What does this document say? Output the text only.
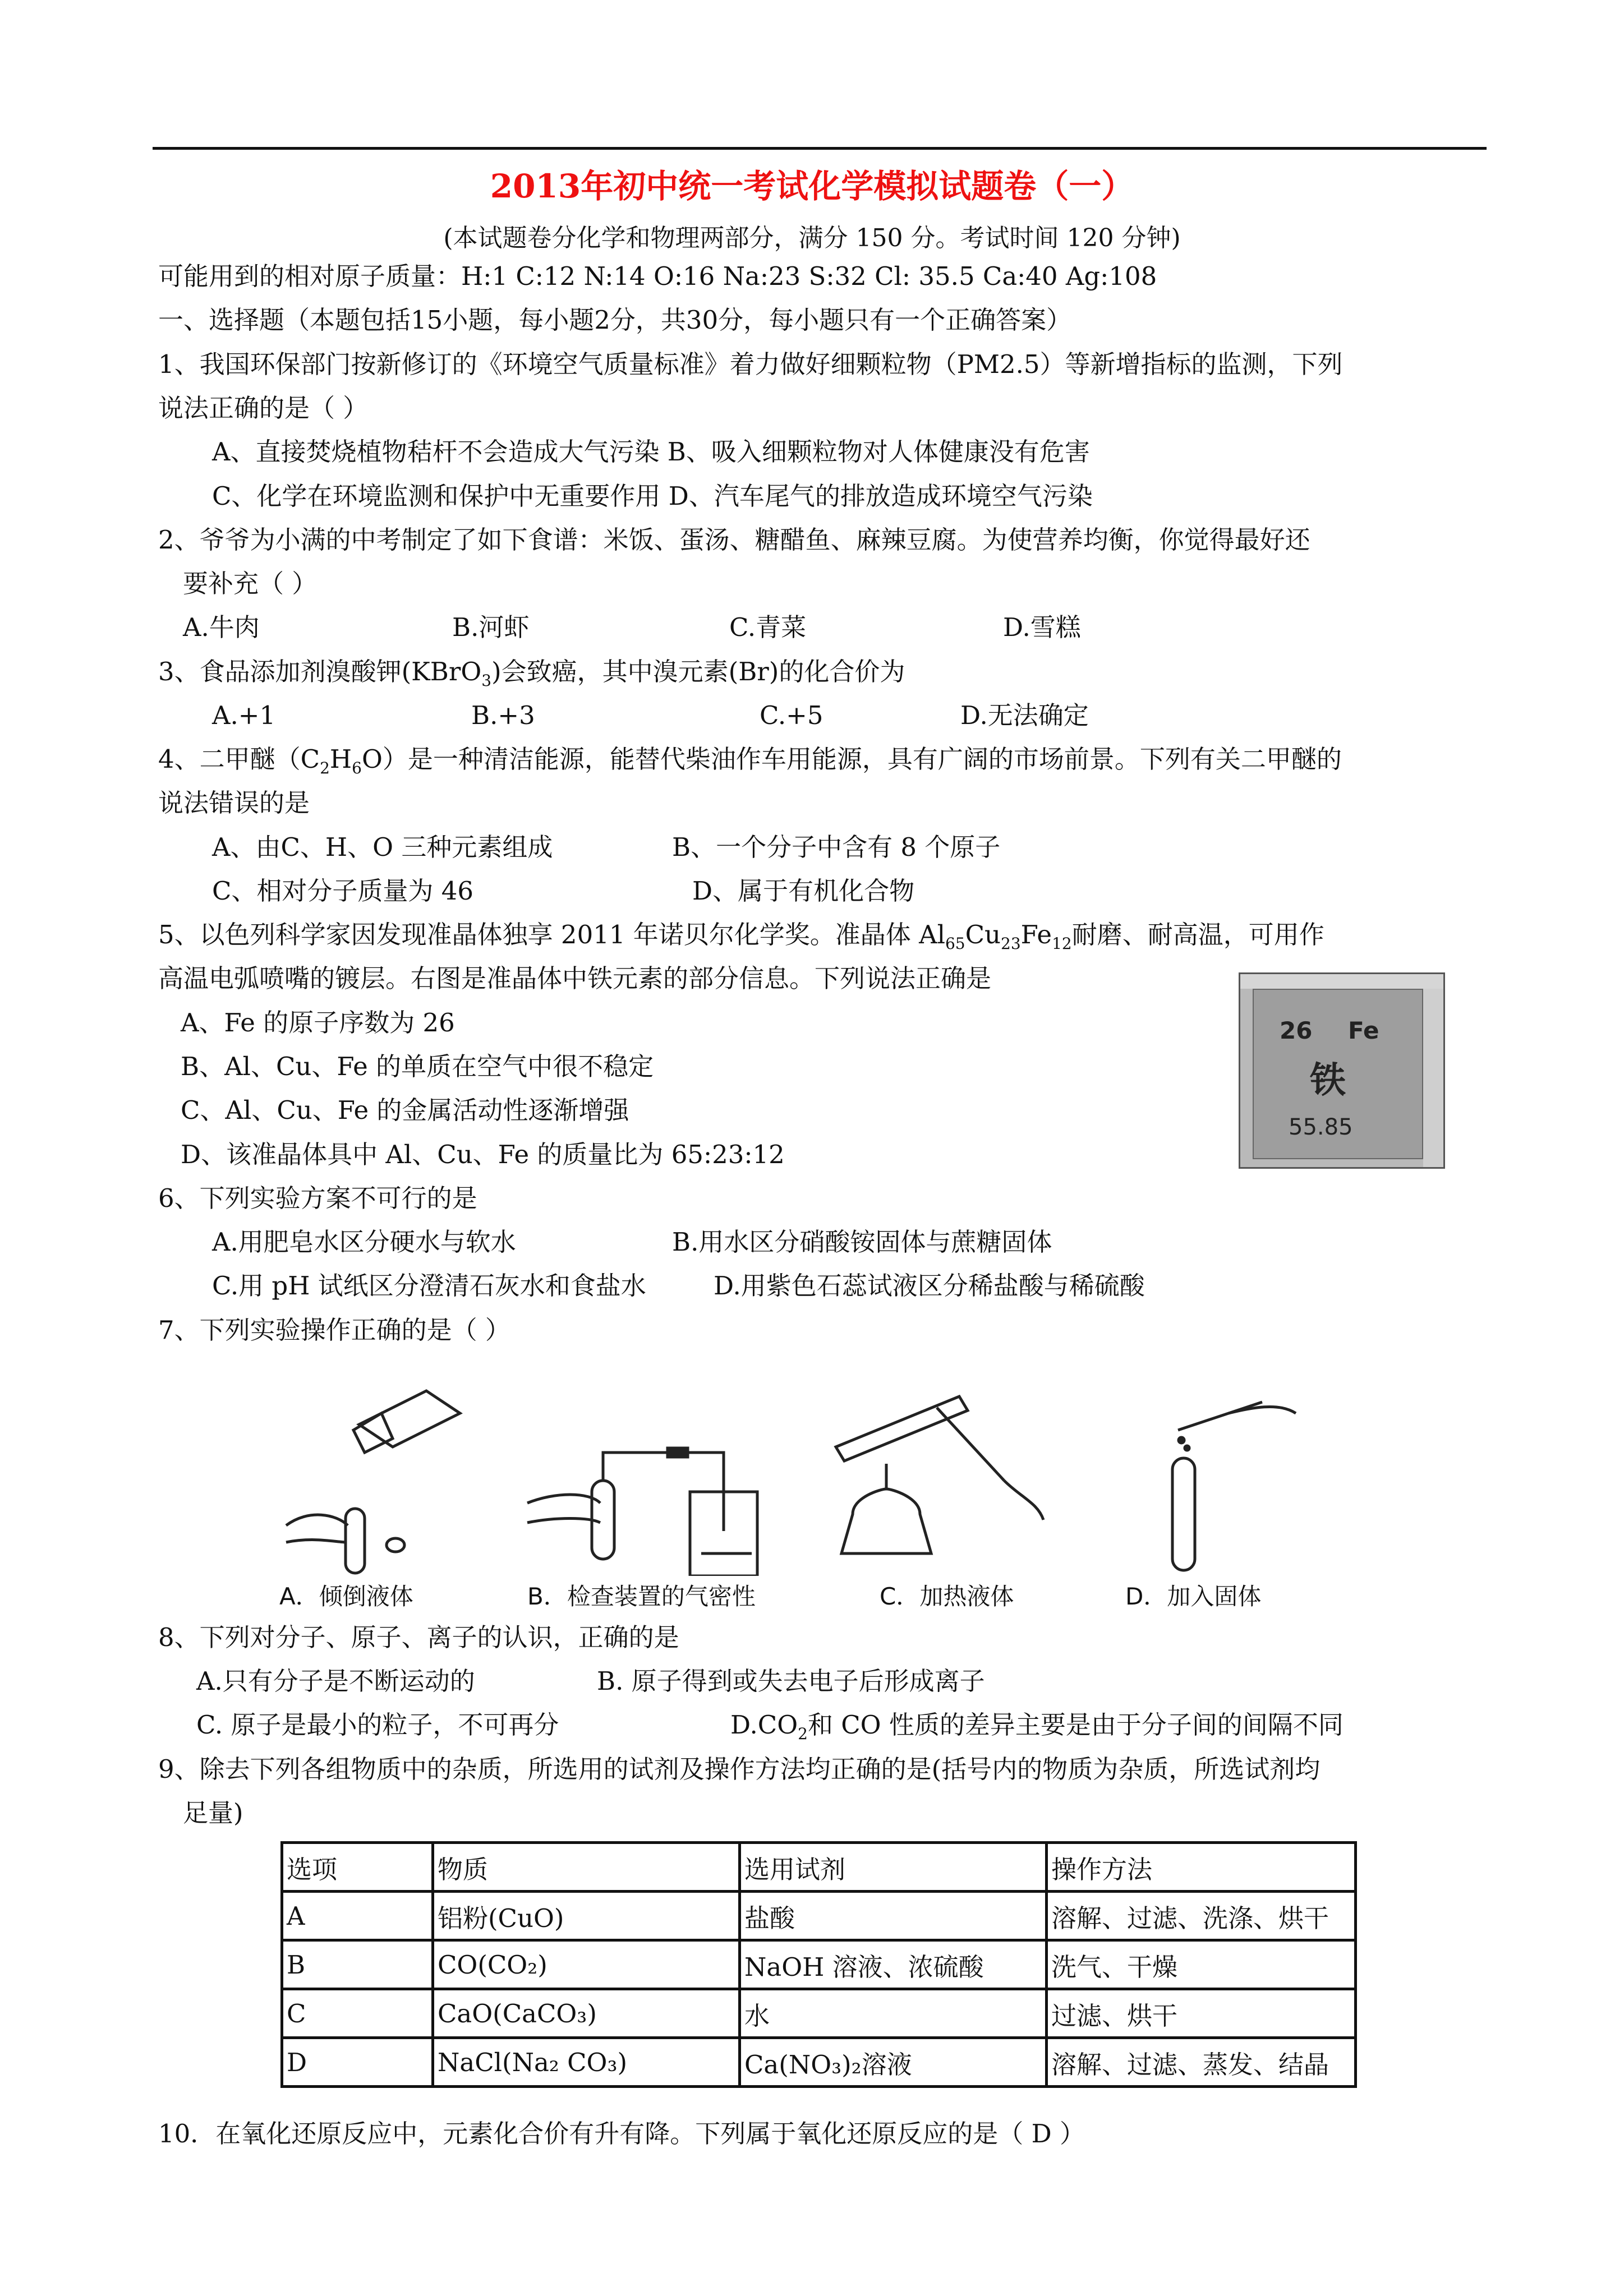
2013年初中统一考试化学模拟试题卷（一）
(本试题卷分化学和物理两部分，满分 150 分。考试时间 120 分钟)
可能用到的相对原子质量：H:1 C:12 N:14 O:16 Na:23 S:32 Cl: 35.5 Ca:40 Ag:108
一、选择题（本题包括15小题，每小题2分，共30分，每小题只有一个正确答案）
1、我国环保部门按新修订的《环境空气质量标准》着力做好细颗粒物（PM2.5）等新增指标的监测，下列
说法正确的是（ ）
A、直接焚烧植物秸杆不会造成大气污染 B、吸入细颗粒物对人体健康没有危害
C、化学在环境监测和保护中无重要作用 D、汽车尾气的排放造成环境空气污染
2、爷爷为小满的中考制定了如下食谱：米饭、蛋汤、糖醋鱼、麻辣豆腐。为使营养均衡，你觉得最好还
要补充（ ）
A.牛肉	B.河虾	C.青菜	D.雪糕
3、食品添加剂溴酸钾(KBrO$_3$)会致癌，其中溴元素(Br)的化合价为
A.+1	B.+3	C.+5	D.无法确定
4、二甲醚$(C_2H_6O)$是一种清洁能源，能替代柴油作车用能源，具有广阔的市场前景。下列有关二甲醚的
说法错误的是
A、由C、H、O 三种元素组成	B、一个分子中含有 8 个原子
C、相对分子质量为 46	D、属于有机化合物
5、以色列科学家因发现准晶体独享 2011 年诺贝尔化学奖。准晶体 $Al_{65}Cu_{23}Fe_{12}$耐磨、耐高温，可用作
高温电弧喷嘴的镀层。右图是准晶体中铁元素的部分信息。下列说法正确是
A、Fe 的原子序数为 26
B、Al、Cu、Fe 的单质在空气中很不稳定
C、Al、Cu、Fe 的金属活动性逐渐增强
D、该准晶体具中 Al、Cu、Fe 的质量比为 65:23:12
26 Fe
铁
55.85
6、下列实验方案不可行的是
A.用肥皂水区分硬水与软水	B.用水区分硝酸铵固体与蔗糖固体
C.用 pH 试纸区分澄清石灰水和食盐水	D.用紫色石蕊试液区分稀盐酸与稀硫酸
7、下列实验操作正确的是（ ）
A．倾倒液体	B．检查装置的气密性	C．加热液体	D．加入固体
8、下列对分子、原子、离子的认识，正确的是
A.只有分子是不断运动的	B. 原子得到或失去电子后形成离子
C. 原子是最小的粒子，不可再分	$D.CO_2$和 CO 性质的差异主要是由于分子间的间隔不同
9、除去下列各组物质中的杂质，所选用的试剂及操作方法均正确的是(括号内的物质为杂质，所选试剂均
足量)
选项	物质	选用试剂	操作方法
A	铝粉(CuO)	盐酸	溶解、过滤、洗涤、烘干
B	CO(CO₂)	NaOH 溶液、浓硫酸	洗气、干燥
C	CaO(CaCO₃)	水	过滤、烘干
D	NaCl(Na₂ CO₃)	Ca(NO₃)₂溶液	溶解、过滤、蒸发、结晶
10．在氧化还原反应中，元素化合价有升有降。下列属于氧化还原反应的是（ D ）
